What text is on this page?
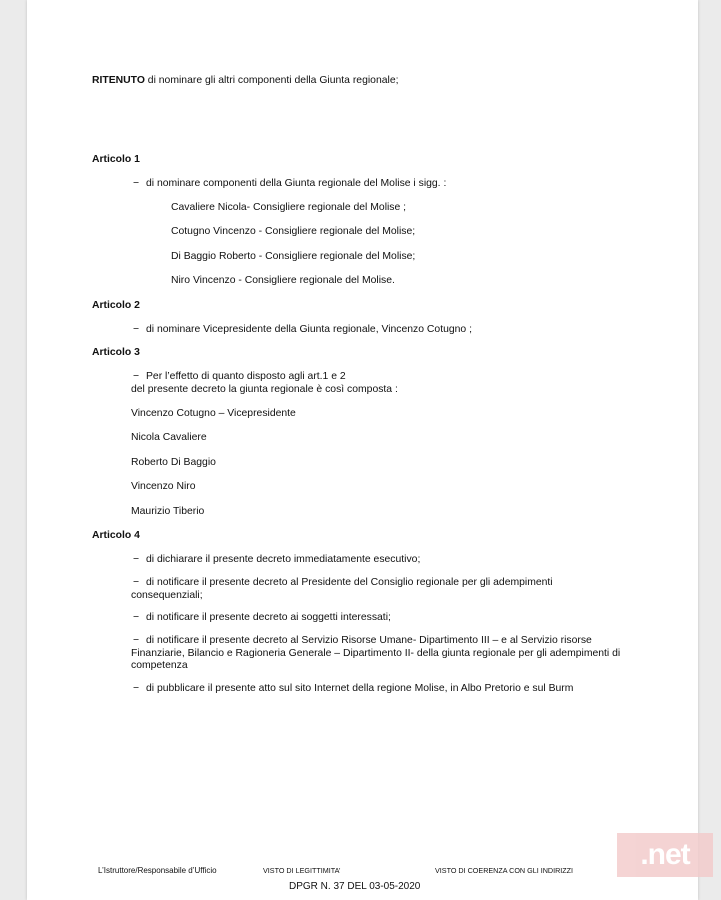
RITENUTO di nominare gli altri componenti della Giunta regionale;
Articolo 1
− di nominare componenti della Giunta regionale del Molise i sigg. :
Cavaliere Nicola- Consigliere regionale del Molise ;
Cotugno Vincenzo - Consigliere regionale del Molise;
Di Baggio Roberto - Consigliere regionale del Molise;
Niro Vincenzo - Consigliere regionale del Molise.
Articolo 2
− di nominare Vicepresidente della Giunta regionale, Vincenzo Cotugno ;
Articolo 3
− Per l’effetto di quanto disposto agli art.1 e 2
del presente decreto la giunta regionale è così composta :
Vincenzo Cotugno – Vicepresidente
Nicola Cavaliere
Roberto Di Baggio
Vincenzo Niro
Maurizio Tiberio
Articolo 4
− di dichiarare il presente decreto immediatamente esecutivo;
− di notificare il presente decreto al Presidente del Consiglio regionale per gli adempimenti consequenziali;
− di notificare il presente decreto ai soggetti interessati;
− di notificare il presente decreto al Servizio Risorse Umane- Dipartimento III – e al Servizio risorse Finanziarie, Bilancio e Ragioneria Generale – Dipartimento II- della giunta regionale per gli adempimenti di competenza
− di pubblicare il presente atto sul sito Internet della regione Molise, in Albo Pretorio e sul Burm
L’Istruttore/Responsabile d’Ufficio	VISTO DI LEGITTIMITA’	VISTO DI COERENZA CON GLI INDIRIZZI
DPGR N. 37 DEL 03-05-2020
.net
